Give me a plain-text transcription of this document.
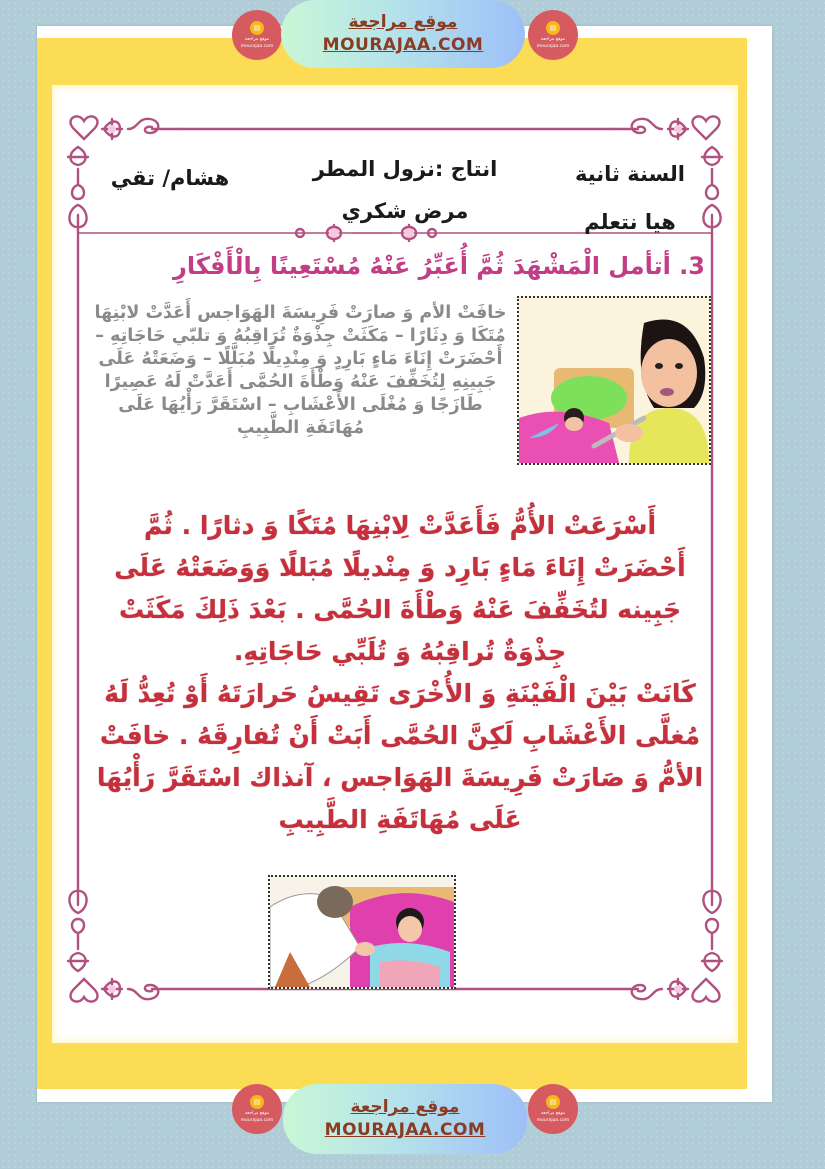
السنة ثانية
هيا نتعلم
انتاج :نزول المطر
مرض شكري
هشام/ تقي
3. أتأمل الْمَشْهَدَ ثُمَّ أُعَبِّرُ عَنْهُ مُسْتَعِينًا بِالْأَفْكَارِ
خافَتْ الأم وَ صارَتْ فَرِيسَةَ الهَوَاجس أَعَدَّتْ لابْنِهَا مُتَكَا وَ دِثَارًا – مَكَثَتْ جِذْوَةٌ تُرَاقِبُهُ وَ تلبّي حَاجَاتِهِ – أَحْضَرَتْ إِنَاءَ مَاءٍ بَارِدٍ وَ مِنْدِيلًا مُبَلَّلًا – وَضَعَتْهُ عَلَى جَبِينِهِ لِتُخَفِّفَ عَنْهُ وَطْأَةَ الحُمَّى أَعَدَّتْ لَهُ عَصِيرًا طَازَجًا وَ مُغْلَى الأَعْشَابِ – اسْتَقَرَّ رَأْيُهَا عَلَى مُهَاتَفَةِ الطَّبِيبِ

أَسْرَعَتْ الأُمُّ فَأَعَدَّتْ لِابْنِهَا مُتَكًا وَ دثارًا . ثُمَّ أَحْضَرَتْ إِنَاءَ مَاءٍ بَارِد وَ مِنْديلًا مُبَللًا وَوَضَعَتْهُ عَلَى جَبِينه لتُخَفِّفَ عَنْهُ وَطْأَةَ الحُمَّى . بَعْدَ ذَلِكَ مَكَثَتْ جِذْوَةٌ تُراقِبُهُ وَ تُلَبِّي حَاجَاتِهِ.

كَانَتْ بَيْنَ الْفَيْنَةِ وَ الأُخْرَى تَقِيسُ حَرارَتَهُ أَوْ تُعِدُّ لَهُ مُغلَّى الأَعْشَابِ لَكِنَّ الحُمَّى أَبَتْ أَنْ تُفارِقَهُ . خافَتْ الأمُّ وَ صَارَتْ فَرِيسَةَ الهَوَاجس ، آنذاك اسْتَقَرَّ رَأْيُهَا عَلَى مُهَاتَفَةِ الطَّبِيبِ

▤
موقع مراجعة
mourajaa.com
موقع مراجعة
MOURAJAA.COM
▤
موقع مراجعة
mourajaa.com
▤
موقع مراجعة
mourajaa.com
موقع مراجعة
MOURAJAA.COM
▤
موقع مراجعة
mourajaa.com
